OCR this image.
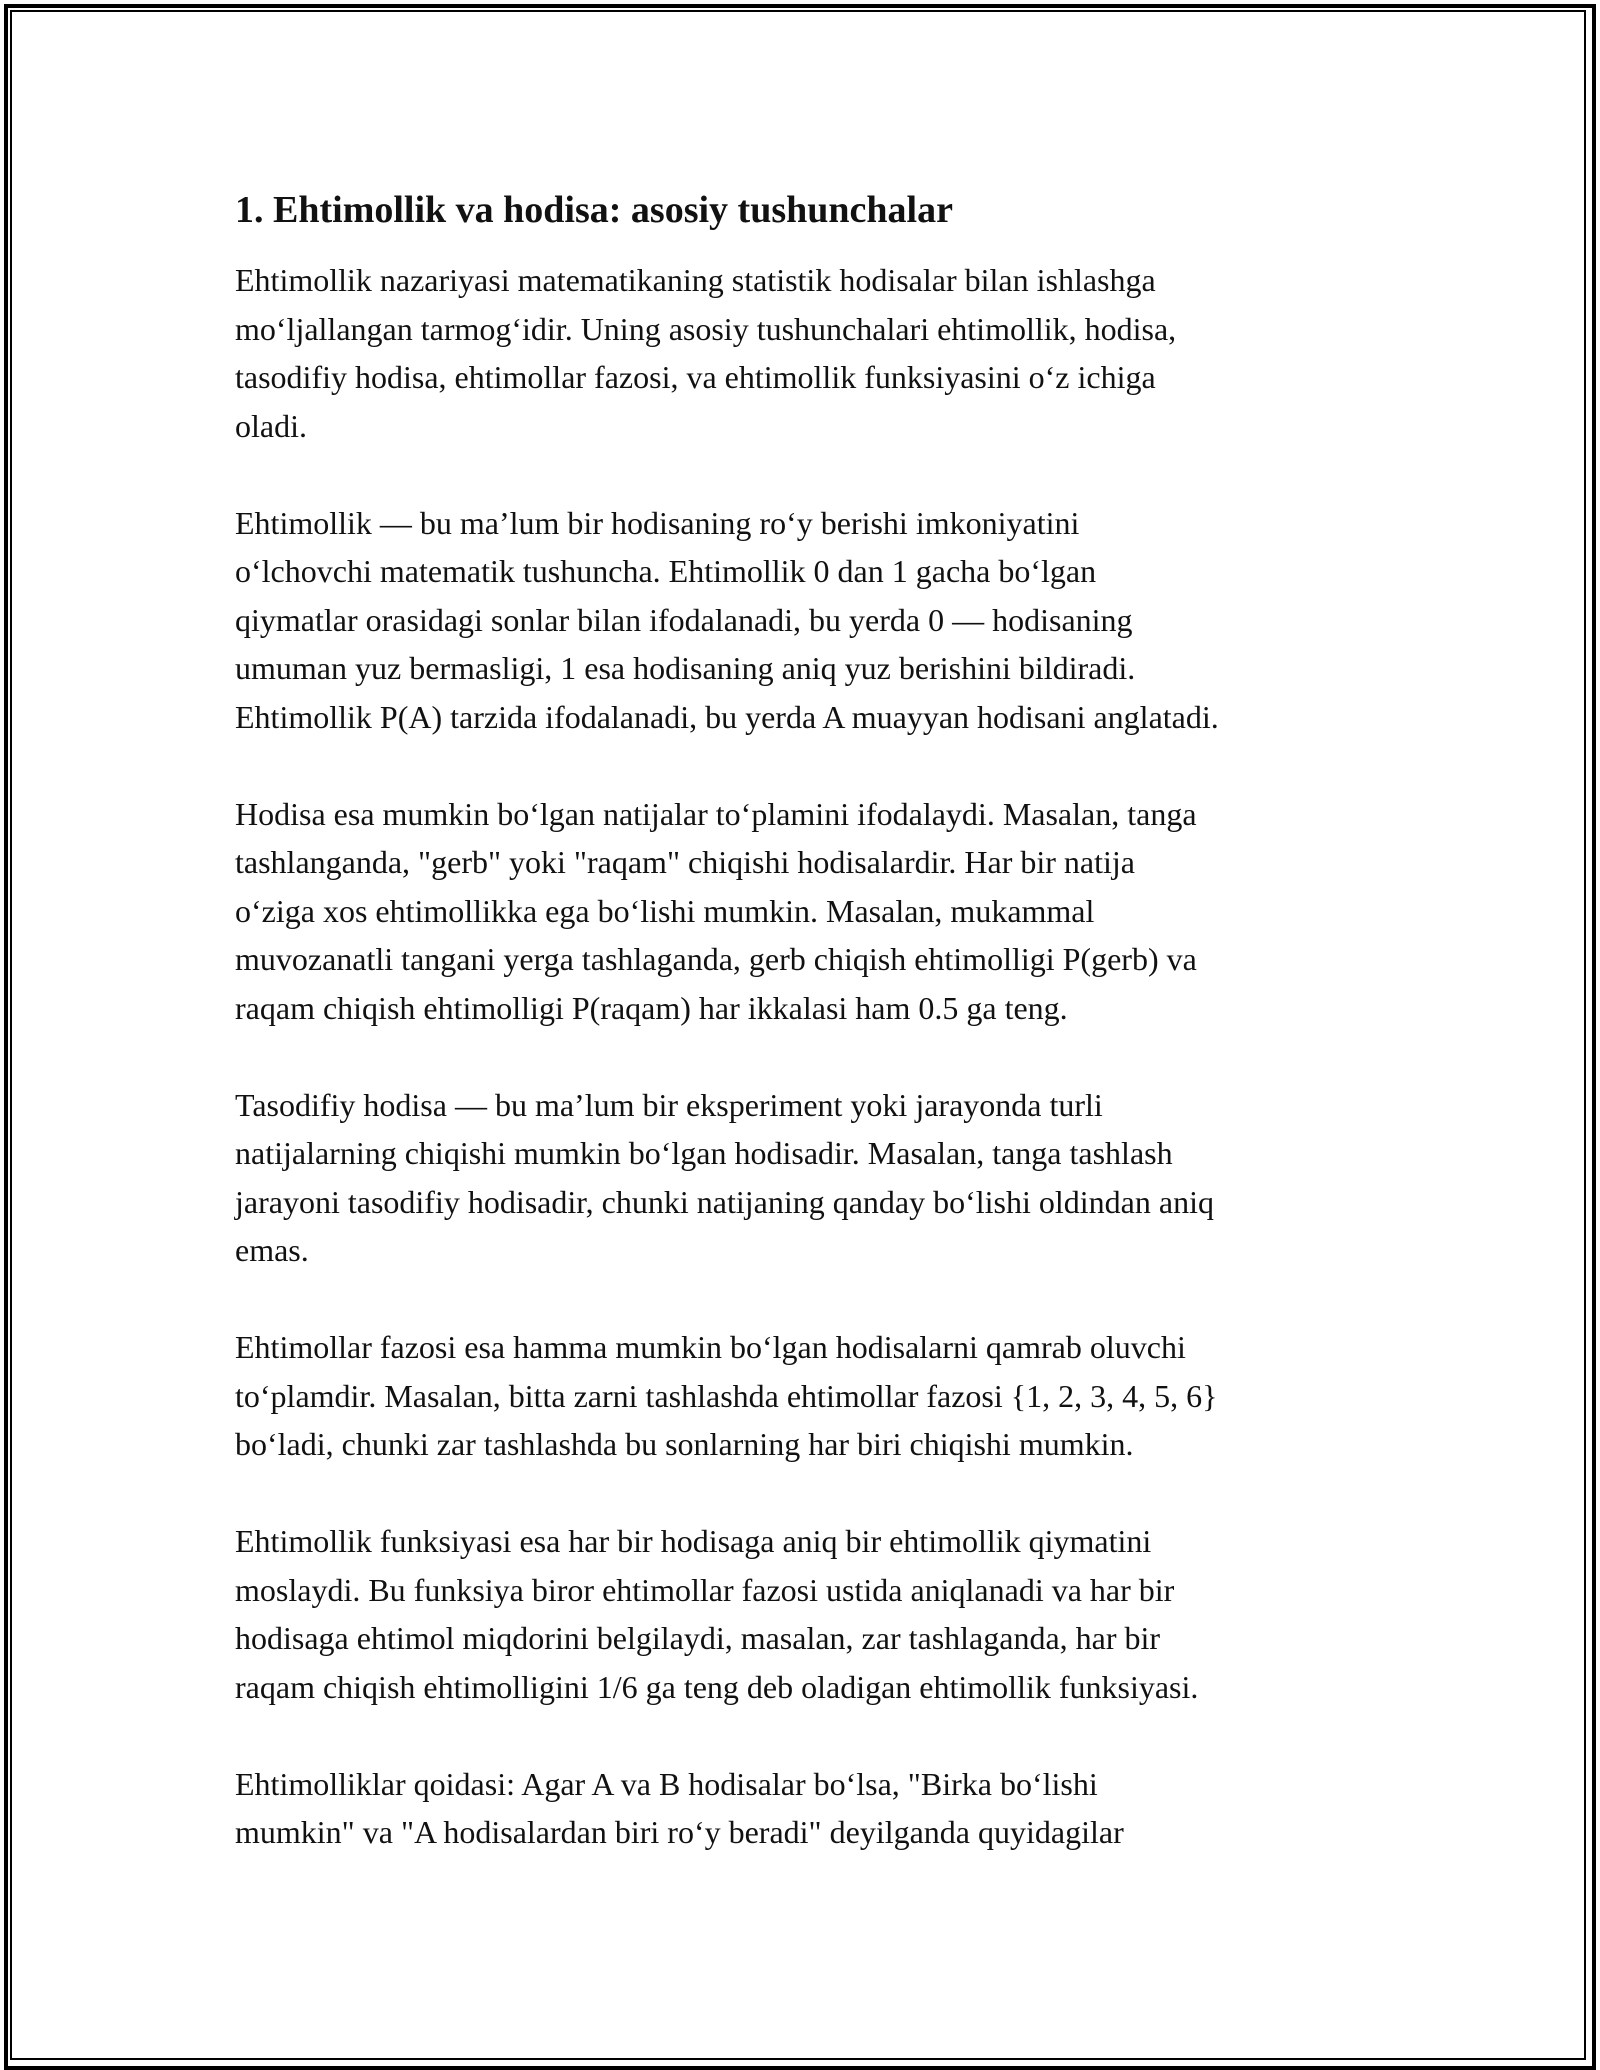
1. Ehtimollik va hodisa: asosiy tushunchalar

Ehtimollik nazariyasi matematikaning statistik hodisalar bilan ishlashga
mo‘ljallangan tarmog‘idir. Uning asosiy tushunchalari ehtimollik, hodisa,
tasodifiy hodisa, ehtimollar fazosi, va ehtimollik funksiyasini o‘z ichiga
oladi.

Ehtimollik — bu ma’lum bir hodisaning ro‘y berishi imkoniyatini
o‘lchovchi matematik tushuncha. Ehtimollik 0 dan 1 gacha bo‘lgan
qiymatlar orasidagi sonlar bilan ifodalanadi, bu yerda 0 — hodisaning
umuman yuz bermasligi, 1 esa hodisaning aniq yuz berishini bildiradi.
Ehtimollik P(A) tarzida ifodalanadi, bu yerda A muayyan hodisani anglatadi.

Hodisa esa mumkin bo‘lgan natijalar to‘plamini ifodalaydi. Masalan, tanga
tashlanganda, "gerb" yoki "raqam" chiqishi hodisalardir. Har bir natija
o‘ziga xos ehtimollikka ega bo‘lishi mumkin. Masalan, mukammal
muvozanatli tangani yerga tashlaganda, gerb chiqish ehtimolligi P(gerb) va
raqam chiqish ehtimolligi P(raqam) har ikkalasi ham 0.5 ga teng.

Tasodifiy hodisa — bu ma’lum bir eksperiment yoki jarayonda turli
natijalarning chiqishi mumkin bo‘lgan hodisadir. Masalan, tanga tashlash
jarayoni tasodifiy hodisadir, chunki natijaning qanday bo‘lishi oldindan aniq
emas.

Ehtimollar fazosi esa hamma mumkin bo‘lgan hodisalarni qamrab oluvchi
to‘plamdir. Masalan, bitta zarni tashlashda ehtimollar fazosi {1, 2, 3, 4, 5, 6}
bo‘ladi, chunki zar tashlashda bu sonlarning har biri chiqishi mumkin.

Ehtimollik funksiyasi esa har bir hodisaga aniq bir ehtimollik qiymatini
moslaydi. Bu funksiya biror ehtimollar fazosi ustida aniqlanadi va har bir
hodisaga ehtimol miqdorini belgilaydi, masalan, zar tashlaganda, har bir
raqam chiqish ehtimolligini 1/6 ga teng deb oladigan ehtimollik funksiyasi.

Ehtimolliklar qoidasi: Agar A va B hodisalar bo‘lsa, "Birka bo‘lishi
mumkin" va "A hodisalardan biri ro‘y beradi" deyilganda quyidagilar
